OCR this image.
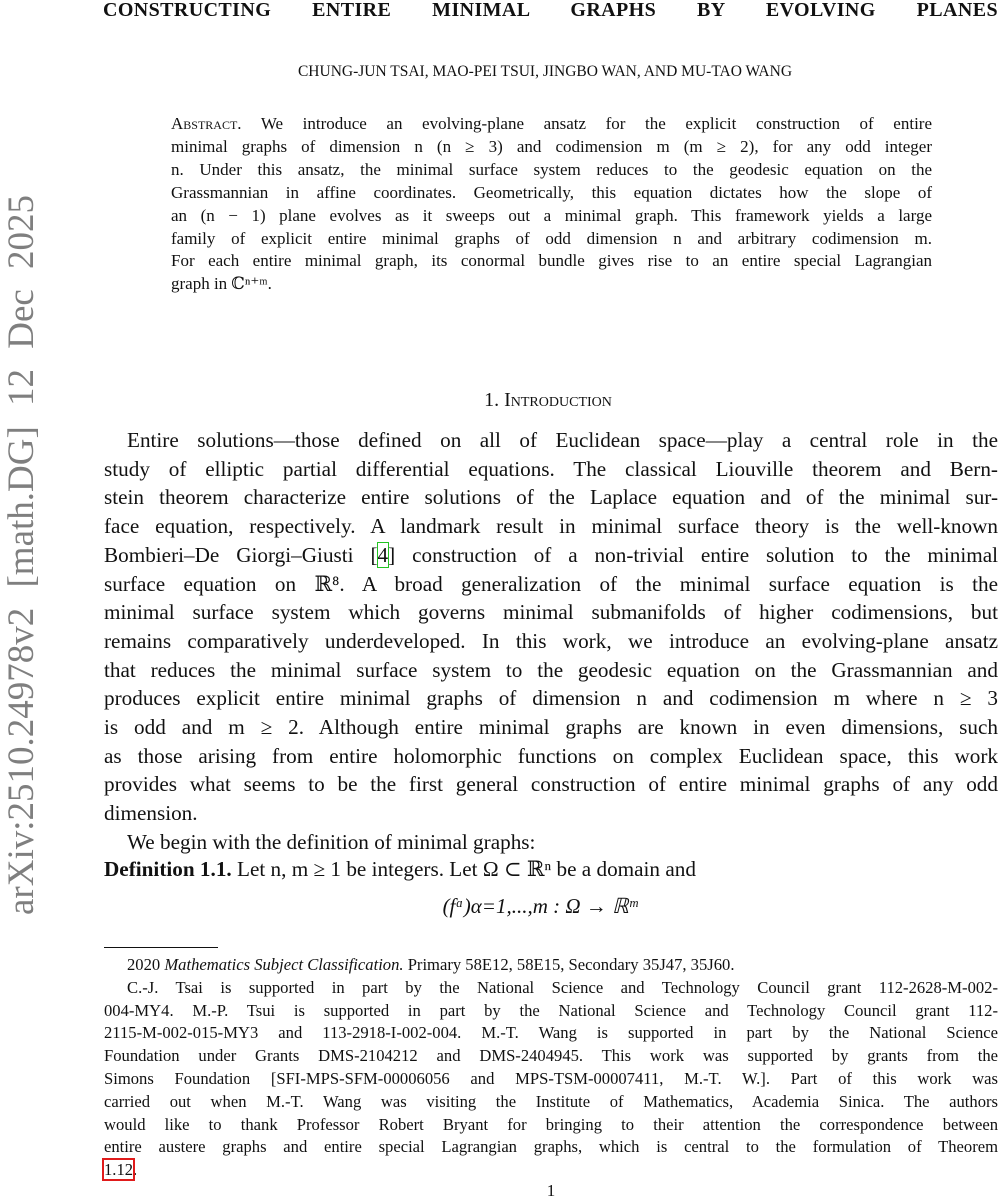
arXiv:2510.24978v2 [math.DG] 12 Dec 2025
CONSTRUCTING ENTIRE MINIMAL GRAPHS BY EVOLVING PLANES
CHUNG-JUN TSAI, MAO-PEI TSUI, JINGBO WAN, AND MU-TAO WANG
Abstract. We introduce an evolving-plane ansatz for the explicit construction of entire
minimal graphs of dimension n (n ≥ 3) and codimension m (m ≥ 2), for any odd integer
n. Under this ansatz, the minimal surface system reduces to the geodesic equation on the
Grassmannian in affine coordinates. Geometrically, this equation dictates how the slope of
an (n − 1) plane evolves as it sweeps out a minimal graph. This framework yields a large
family of explicit entire minimal graphs of odd dimension n and arbitrary codimension m.
For each entire minimal graph, its conormal bundle gives rise to an entire special Lagrangian
graph in ℂⁿ⁺ᵐ.
1. Introduction
Entire solutions—those defined on all of Euclidean space—play a central role in the
study of elliptic partial differential equations. The classical Liouville theorem and Bern-
stein theorem characterize entire solutions of the Laplace equation and of the minimal sur-
face equation, respectively. A landmark result in minimal surface theory is the well-known
Bombieri–De Giorgi–Giusti [4] construction of a non-trivial entire solution to the minimal
surface equation on ℝ⁸. A broad generalization of the minimal surface equation is the
minimal surface system which governs minimal submanifolds of higher codimensions, but
remains comparatively underdeveloped. In this work, we introduce an evolving-plane ansatz
that reduces the minimal surface system to the geodesic equation on the Grassmannian and
produces explicit entire minimal graphs of dimension n and codimension m where n ≥ 3
is odd and m ≥ 2. Although entire minimal graphs are known in even dimensions, such
as those arising from entire holomorphic functions on complex Euclidean space, this work
provides what seems to be the first general construction of entire minimal graphs of any odd
dimension.
We begin with the definition of minimal graphs:
Definition 1.1. Let n, m ≥ 1 be integers. Let Ω ⊂ ℝⁿ be a domain and
(fᵅ)α=1,...,m : Ω → ℝᵐ
2020 Mathematics Subject Classification. Primary 58E12, 58E15, Secondary 35J47, 35J60.
C.-J. Tsai is supported in part by the National Science and Technology Council grant 112-2628-M-002-
004-MY4. M.-P. Tsui is supported in part by the National Science and Technology Council grant 112-
2115-M-002-015-MY3 and 113-2918-I-002-004. M.-T. Wang is supported in part by the National Science
Foundation under Grants DMS-2104212 and DMS-2404945. This work was supported by grants from the
Simons Foundation [SFI-MPS-SFM-00006056 and MPS-TSM-00007411, M.-T. W.]. Part of this work was
carried out when M.-T. Wang was visiting the Institute of Mathematics, Academia Sinica. The authors
would like to thank Professor Robert Bryant for bringing to their attention the correspondence between
entire austere graphs and entire special Lagrangian graphs, which is central to the formulation of Theorem
1.12.
1
